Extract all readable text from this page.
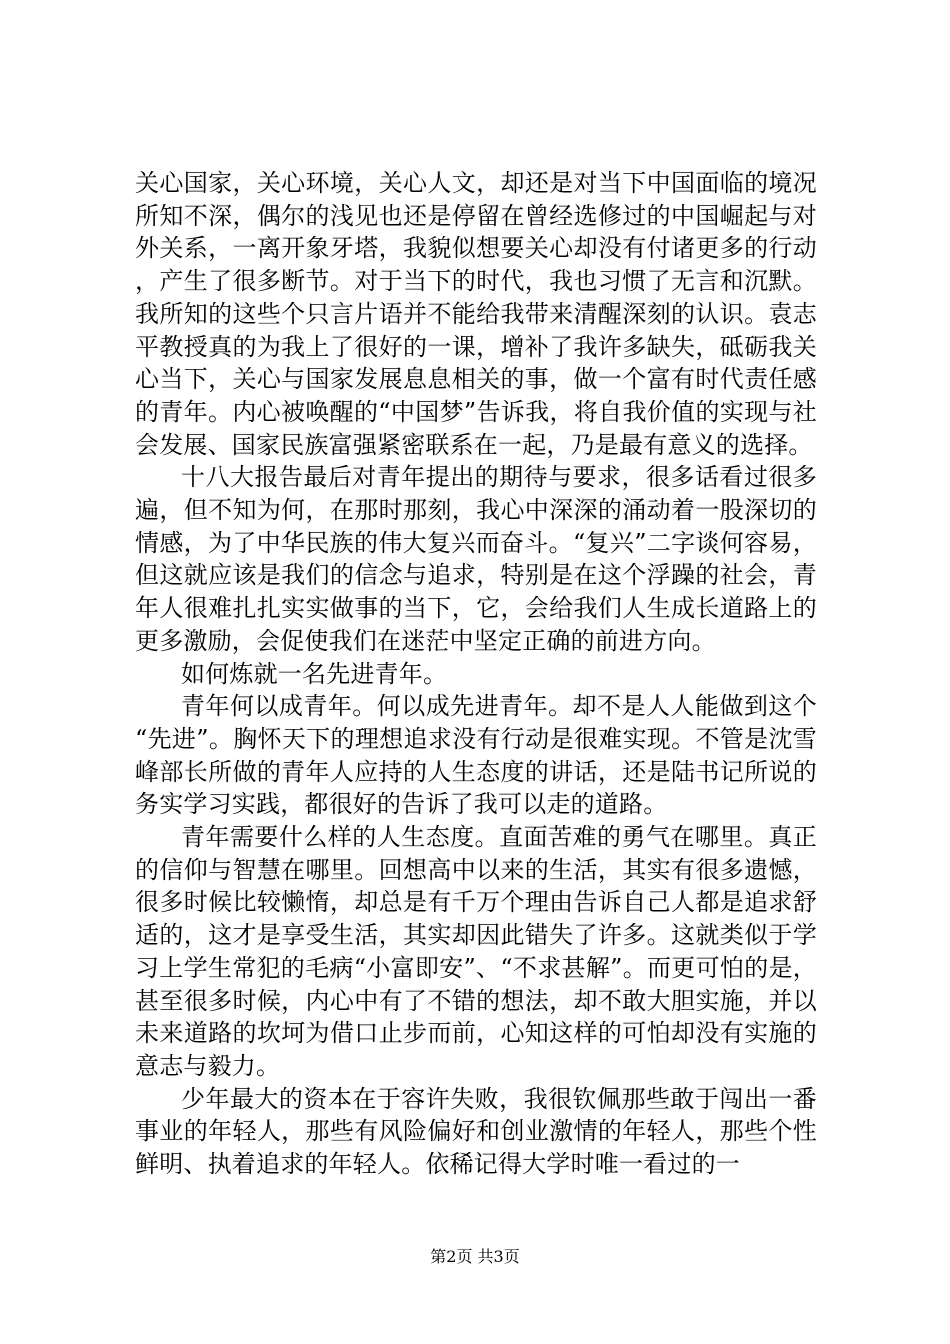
关心国家，关心环境，关心人文，却还是对当下中国面临的境况所知不深，偶尔的浅见也还是停留在曾经选修过的中国崛起与对外关系，一离开象牙塔，我貌似想要关心却没有付诸更多的行动，产生了很多断节。对于当下的时代，我也习惯了无言和沉默。我所知的这些个只言片语并不能给我带来清醒深刻的认识。袁志平教授真的为我上了很好的一课，增补了我许多缺失，砥砺我关心当下，关心与国家发展息息相关的事，做一个富有时代责任感的青年。内心被唤醒的“中国梦”告诉我，将自我价值的实现与社会发展、国家民族富强紧密联系在一起，乃是最有意义的选择。

十八大报告最后对青年提出的期待与要求，很多话看过很多遍，但不知为何，在那时那刻，我心中深深的涌动着一股深切的情感，为了中华民族的伟大复兴而奋斗。“复兴”二字谈何容易，但这就应该是我们的信念与追求，特别是在这个浮躁的社会，青年人很难扎扎实实做事的当下，它，会给我们人生成长道路上的更多激励，会促使我们在迷茫中坚定正确的前进方向。

如何炼就一名先进青年。

青年何以成青年。何以成先进青年。却不是人人能做到这个“先进”。胸怀天下的理想追求没有行动是很难实现。不管是沈雪峰部长所做的青年人应持的人生态度的讲话，还是陆书记所说的务实学习实践，都很好的告诉了我可以走的道路。

青年需要什么样的人生态度。直面苦难的勇气在哪里。真正的信仰与智慧在哪里。回想高中以来的生活，其实有很多遗憾，很多时候比较懒惰，却总是有千万个理由告诉自己人都是追求舒适的，这才是享受生活，其实却因此错失了许多。这就类似于学习上学生常犯的毛病“小富即安”、“不求甚解”。而更可怕的是，甚至很多时候，内心中有了不错的想法，却不敢大胆实施，并以未来道路的坎坷为借口止步而前，心知这样的可怕却没有实施的意志与毅力。

少年最大的资本在于容许失败，我很钦佩那些敢于闯出一番事业的年轻人，那些有风险偏好和创业激情的年轻人，那些个性鲜明、执着追求的年轻人。依稀记得大学时唯一看过的一

第2页 共3页
